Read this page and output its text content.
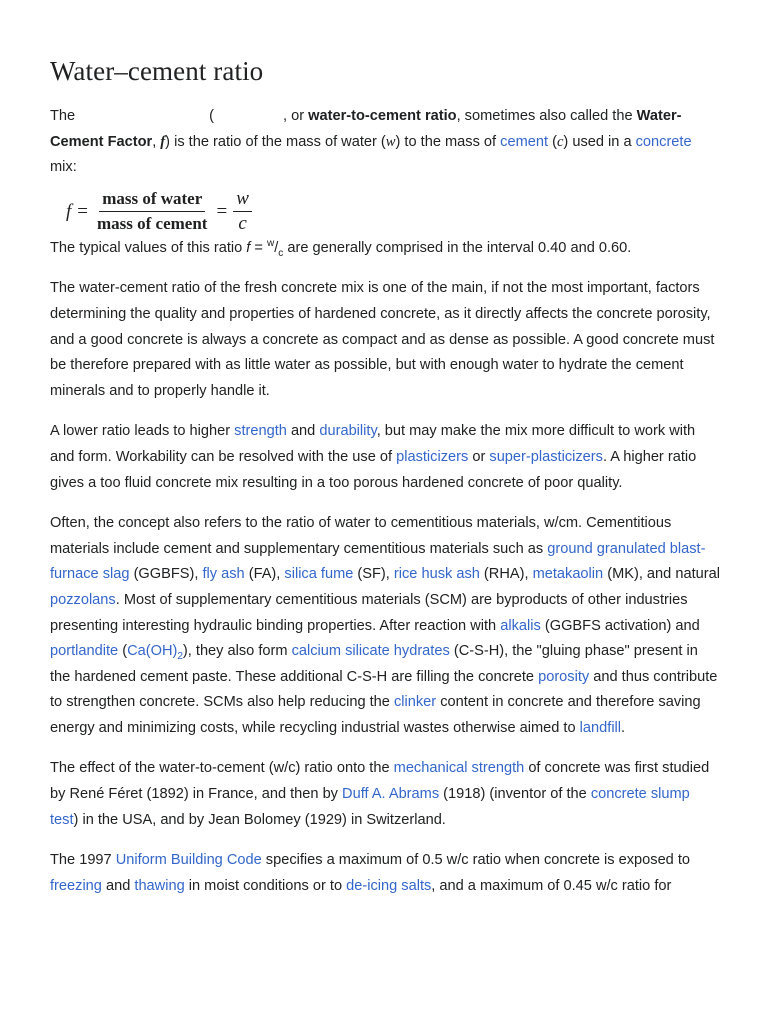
Water–cement ratio

The	(	, or water-to-cement ratio, sometimes also called the Water-Cement Factor, f) is the ratio of the mass of water (w) to the mass of cement (c) used in a concrete mix:

$f = \frac{\text{mass of water}}{\text{mass of cement}} = \frac{w}{c}$

The typical values of this ratio $f = ^w/_c$ are generally comprised in the interval 0.40 and 0.60.

The water-cement ratio of the fresh concrete mix is one of the main, if not the most important, factors determining the quality and properties of hardened concrete, as it directly affects the concrete porosity, and a good concrete is always a concrete as compact and as dense as possible. A good concrete must be therefore prepared with as little water as possible, but with enough water to hydrate the cement minerals and to properly handle it.

A lower ratio leads to higher strength and durability, but may make the mix more difficult to work with and form. Workability can be resolved with the use of plasticizers or super-plasticizers. A higher ratio gives a too fluid concrete mix resulting in a too porous hardened concrete of poor quality.

Often, the concept also refers to the ratio of water to cementitious materials, w/cm. Cementitious materials include cement and supplementary cementitious materials such as ground granulated blast-furnace slag (GGBFS), fly ash (FA), silica fume (SF), rice husk ash (RHA), metakaolin (MK), and natural pozzolans. Most of supplementary cementitious materials (SCM) are byproducts of other industries presenting interesting hydraulic binding properties. After reaction with alkalis (GGBFS activation) and portlandite $(Ca(OH)_2)$, they also form calcium silicate hydrates (C-S-H), the "gluing phase" present in the hardened cement paste. These additional C-S-H are filling the concrete porosity and thus contribute to strengthen concrete. SCMs also help reducing the clinker content in concrete and therefore saving energy and minimizing costs, while recycling industrial wastes otherwise aimed to landfill.

The effect of the water-to-cement (w/c) ratio onto the mechanical strength of concrete was first studied by René Féret (1892) in France, and then by Duff A. Abrams (1918) (inventor of the concrete slump test) in the USA, and by Jean Bolomey (1929) in Switzerland.

The 1997 Uniform Building Code specifies a maximum of 0.5 w/c ratio when concrete is exposed to freezing and thawing in moist conditions or to de-icing salts, and a maximum of 0.45 w/c ratio for
